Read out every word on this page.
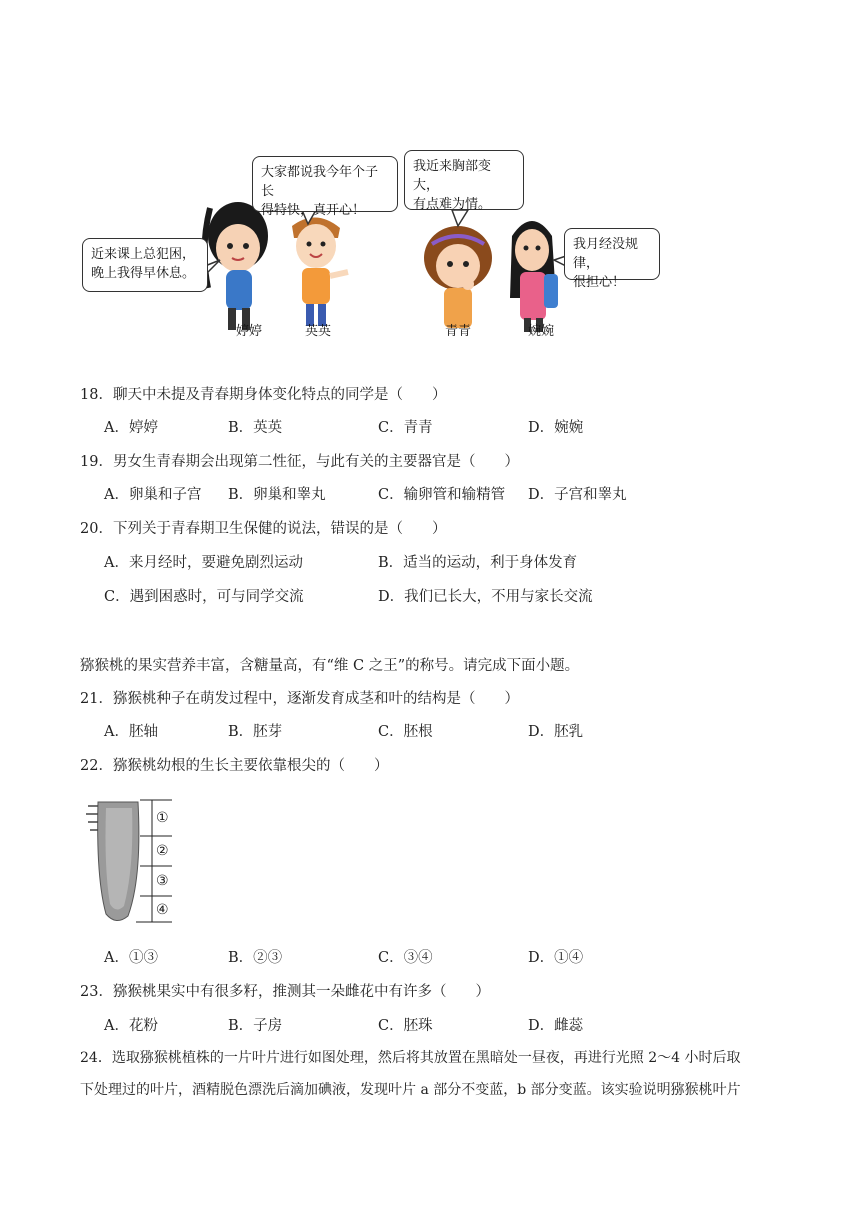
近来课上总犯困，
晚上我得早休息。
大家都说我今年个子长
得特快，真开心！
我近来胸部变大，
有点难为情。
我月经没规律，
很担心！
婷婷	英英	青青	婉婉
18．聊天中未提及青春期身体变化特点的同学是（　　）
A．婷婷	B．英英	C．青青	D．婉婉
19．男女生青春期会出现第二性征，与此有关的主要器官是（　　）
A．卵巢和子宫 B．卵巢和睾丸	C．输卵管和输精管 D．子宫和睾丸
20．下列关于青春期卫生保健的说法，错误的是（　　）
A．来月经时，要避免剧烈运动	B．适当的运动，利于身体发育
C．遇到困惑时，可与同学交流	D．我们已长大，不用与家长交流
猕猴桃的果实营养丰富，含糖量高，有“维 C 之王”的称号。请完成下面小题。
21．猕猴桃种子在萌发过程中，逐渐发育成茎和叶的结构是（　　）
A．胚轴	B．胚芽	C．胚根	D．胚乳
22．猕猴桃幼根的生长主要依靠根尖的（　　）
①
②
③
④
A．①③	B．②③	C．③④	D．①④
23．猕猴桃果实中有很多籽，推测其一朵雌花中有许多（　　）
A．花粉	B．子房	C．胚珠	D．雌蕊
24．选取猕猴桃植株的一片叶片进行如图处理，然后将其放置在黑暗处一昼夜，再进行光照 2～4 小时后取
下处理过的叶片，酒精脱色漂洗后滴加碘液，发现叶片 a 部分不变蓝，b 部分变蓝。该实验说明猕猴桃叶片
